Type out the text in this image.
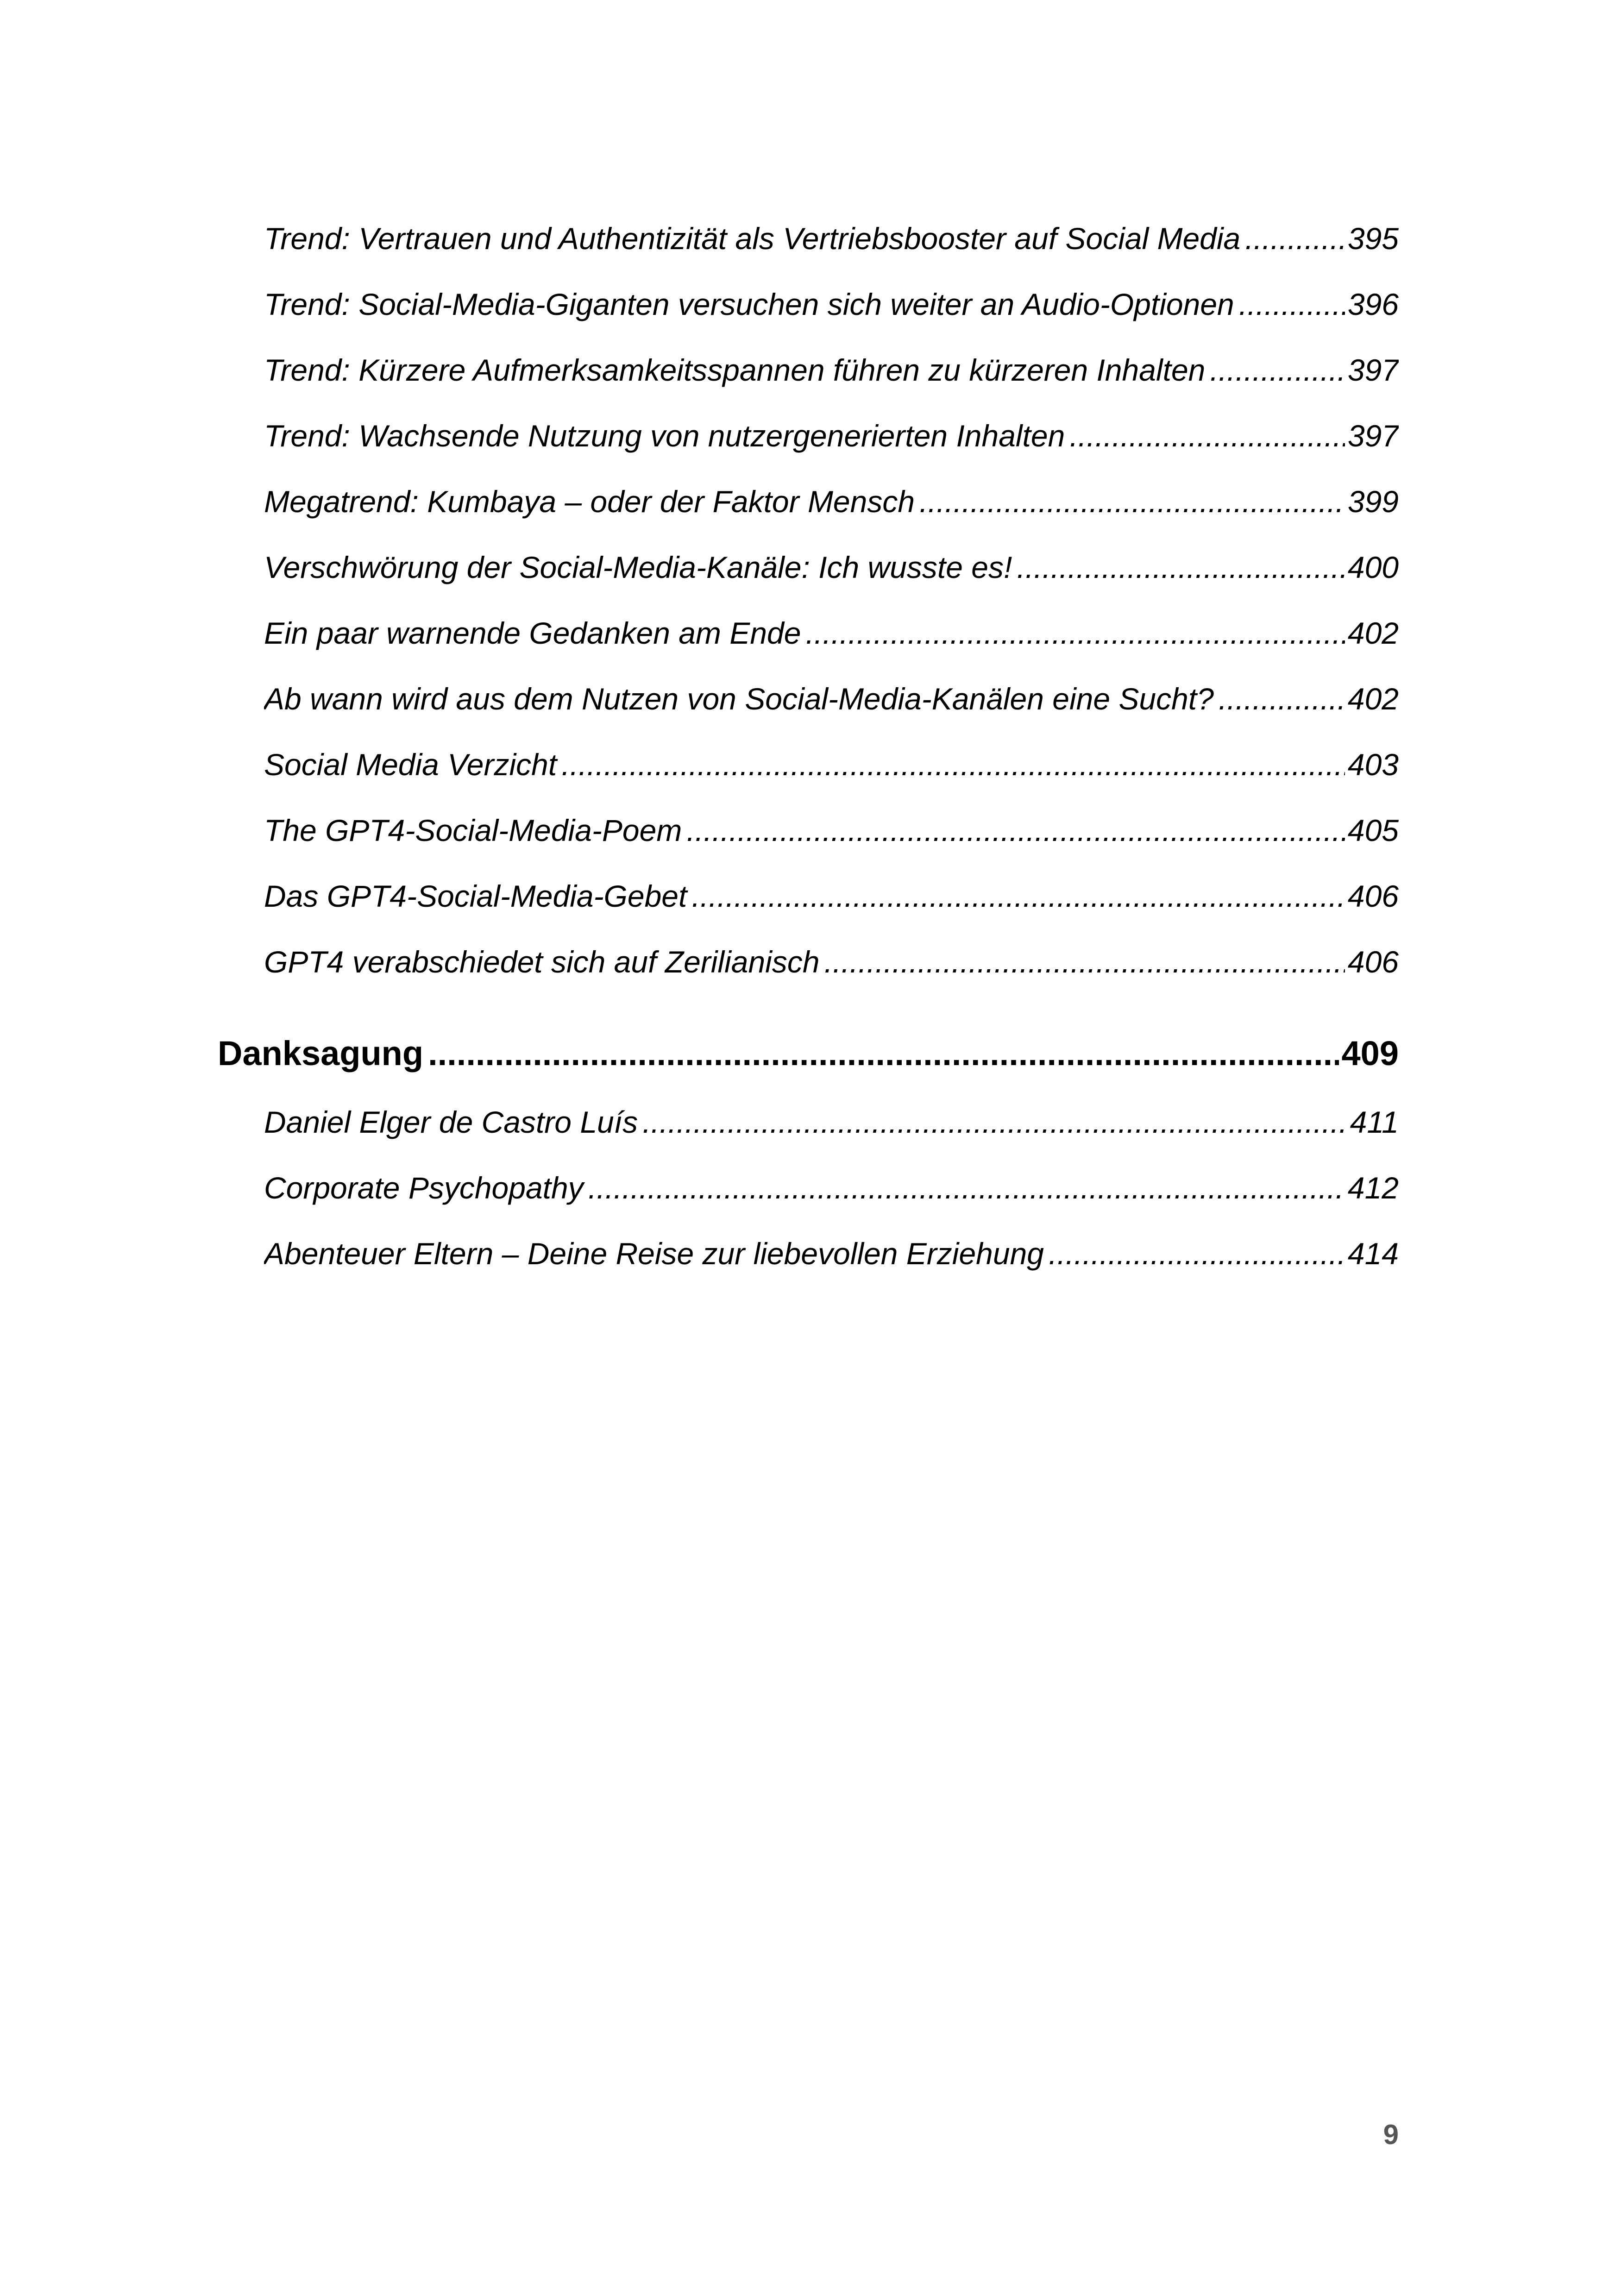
Trend: Vertrauen und Authentizität als Vertriebsbooster auf Social Media .....	395
Trend: Social-Media-Giganten versuchen sich weiter an Audio-Optionen .....	396
Trend: Kürzere Aufmerksamkeitsspannen führen zu kürzeren Inhalten .....	397
Trend: Wachsende Nutzung von nutzergenerierten Inhalten .....	397
Megatrend: Kumbaya – oder der Faktor Mensch .....	399
Verschwörung der Social-Media-Kanäle: Ich wusste es! .....	400
Ein paar warnende Gedanken am Ende .....	402
Ab wann wird aus dem Nutzen von Social-Media-Kanälen eine Sucht? .....	402
Social Media Verzicht .....	403
The GPT4-Social-Media-Poem .....	405
Das GPT4-Social-Media-Gebet .....	406
GPT4 verabschiedet sich auf Zerilianisch .....	406
Danksagung .....	409
Daniel Elger de Castro Luís .....	411
Corporate Psychopathy .....	412
Abenteuer Eltern – Deine Reise zur liebevollen Erziehung .....	414
9
